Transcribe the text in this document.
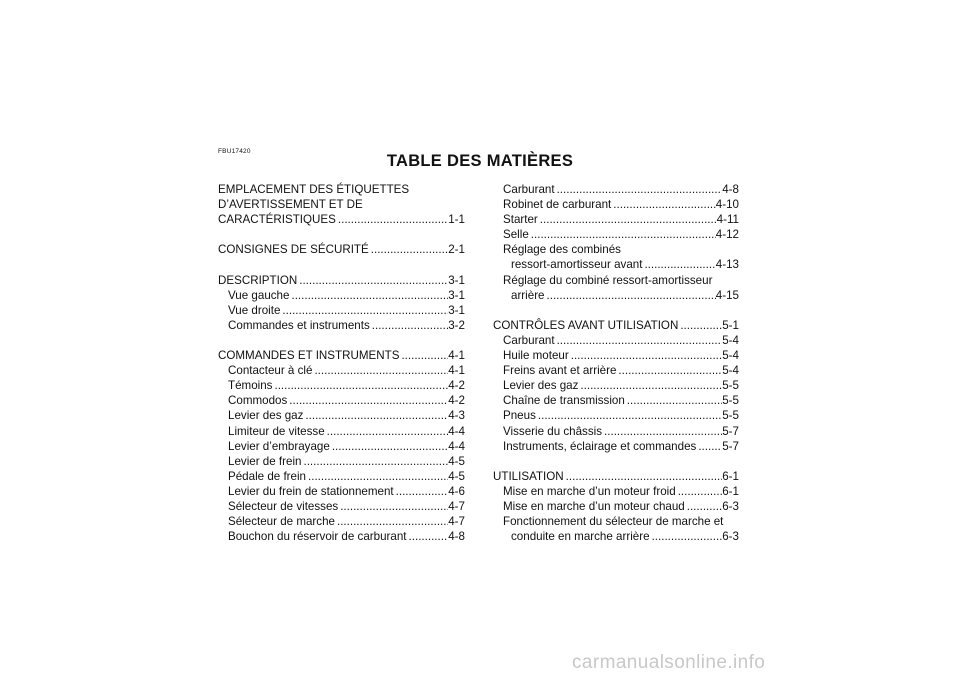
FBU17420
TABLE DES MATIÈRES
EMPLACEMENT DES ÉTIQUETTES
D’AVERTISSEMENT ET DE
CARACTÉRISTIQUES .....	1-1
CONSIGNES DE SÉCURITÉ .....	2-1
DESCRIPTION .....	3-1
Vue gauche .....	3-1
Vue droite .....	3-1
Commandes et instruments .....	3-2
COMMANDES ET INSTRUMENTS .....	4-1
Contacteur à clé .....	4-1
Témoins .....	4-2
Commodos .....	4-2
Levier des gaz .....	4-3
Limiteur de vitesse .....	4-4
Levier d’embrayage .....	4-4
Levier de frein .....	4-5
Pédale de frein .....	4-5
Levier du frein de stationnement .....	4-6
Sélecteur de vitesses .....	4-7
Sélecteur de marche .....	4-7
Bouchon du réservoir de carburant .....	4-8
Carburant .....	4-8
Robinet de carburant .....	4-10
Starter .....	4-11
Selle .....	4-12
Réglage des combinés
ressort-amortisseur avant .....	4-13
Réglage du combiné ressort-amortisseur
arrière .....	4-15
CONTRÔLES AVANT UTILISATION .....	5-1
Carburant .....	5-4
Huile moteur .....	5-4
Freins avant et arrière .....	5-4
Levier des gaz .....	5-5
Chaîne de transmission .....	5-5
Pneus .....	5-5
Visserie du châssis .....	5-7
Instruments, éclairage et commandes ..... 5-7
UTILISATION .....	6-1
Mise en marche d’un moteur froid .....	6-1
Mise en marche d’un moteur chaud .....	6-3
Fonctionnement du sélecteur de marche et
conduite en marche arrière .....	6-3
carmanualsonline.info
